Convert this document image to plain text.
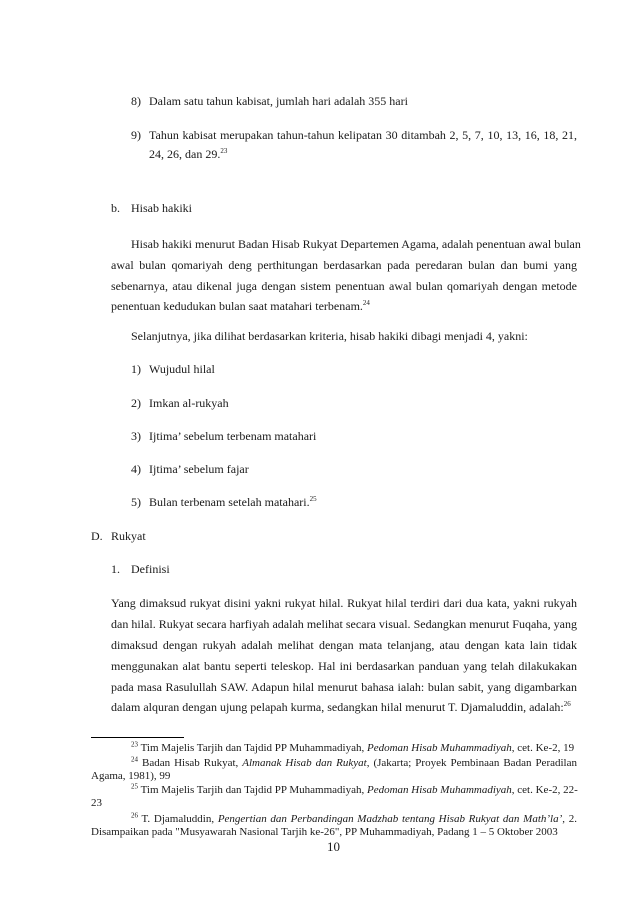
8) Dalam satu tahun kabisat, jumlah hari adalah 355 hari
9) Tahun kabisat merupakan tahun-tahun kelipatan 30 ditambah 2, 5, 7, 10, 13, 16, 18, 21,
24, 26, dan 29.23
b. Hisab hakiki
Hisab hakiki menurut Badan Hisab Rukyat Departemen Agama, adalah penentuan awal bulan
awal bulan qomariyah deng perthitungan berdasarkan pada peredaran bulan dan bumi yang
sebenarnya, atau dikenal juga dengan sistem penentuan awal bulan qomariyah dengan metode
penentuan kedudukan bulan saat matahari terbenam.$^{24}$
Selanjutnya, jika dilihat berdasarkan kriteria, hisab hakiki dibagi menjadi 4, yakni:
1) Wujudul hilal
2) Imkan al-rukyah
3) Ijtima’ sebelum terbenam matahari
4) Ijtima’ sebelum fajar
5) Bulan terbenam setelah matahari.$^{25}$
D. Rukyat
1. Definisi
Yang dimaksud rukyat disini yakni rukyat hilal. Rukyat hilal terdiri dari dua kata, yakni rukyah
dan hilal. Rukyat secara harfiyah adalah melihat secara visual. Sedangkan menurut Fuqaha, yang
dimaksud dengan rukyah adalah melihat dengan mata telanjang, atau dengan kata lain tidak
menggunakan alat bantu seperti teleskop. Hal ini berdasarkan panduan yang telah dilakukakan
pada masa Rasulullah SAW. Adapun hilal menurut bahasa ialah: bulan sabit, yang digambarkan
dalam alquran dengan ujung pelapah kurma, sedangkan hilal menurut T. Djamaluddin, adalah:$^{26}$
$^{23}$ Tim Majelis Tarjih dan Tajdid PP Muhammadiyah, Pedoman Hisab Muhammadiyah, cet. Ke-2, 19
$^{24}$ Badan Hisab Rukyat, Almanak Hisab dan Rukyat, (Jakarta; Proyek Pembinaan Badan Peradilan
Agama, 1981), 99
$^{25}$ Tim Majelis Tarjih dan Tajdid PP Muhammadiyah, Pedoman Hisab Muhammadiyah, cet. Ke-2, 22-
23
$^{26}$ T. Djamaluddin, Pengertian dan Perbandingan Madzhab tentang Hisab Rukyat dan Math’la’, 2.
Disampaikan pada "Musyawarah Nasional Tarjih ke-26", PP Muhammadiyah, Padang 1 – 5 Oktober 2003
10
